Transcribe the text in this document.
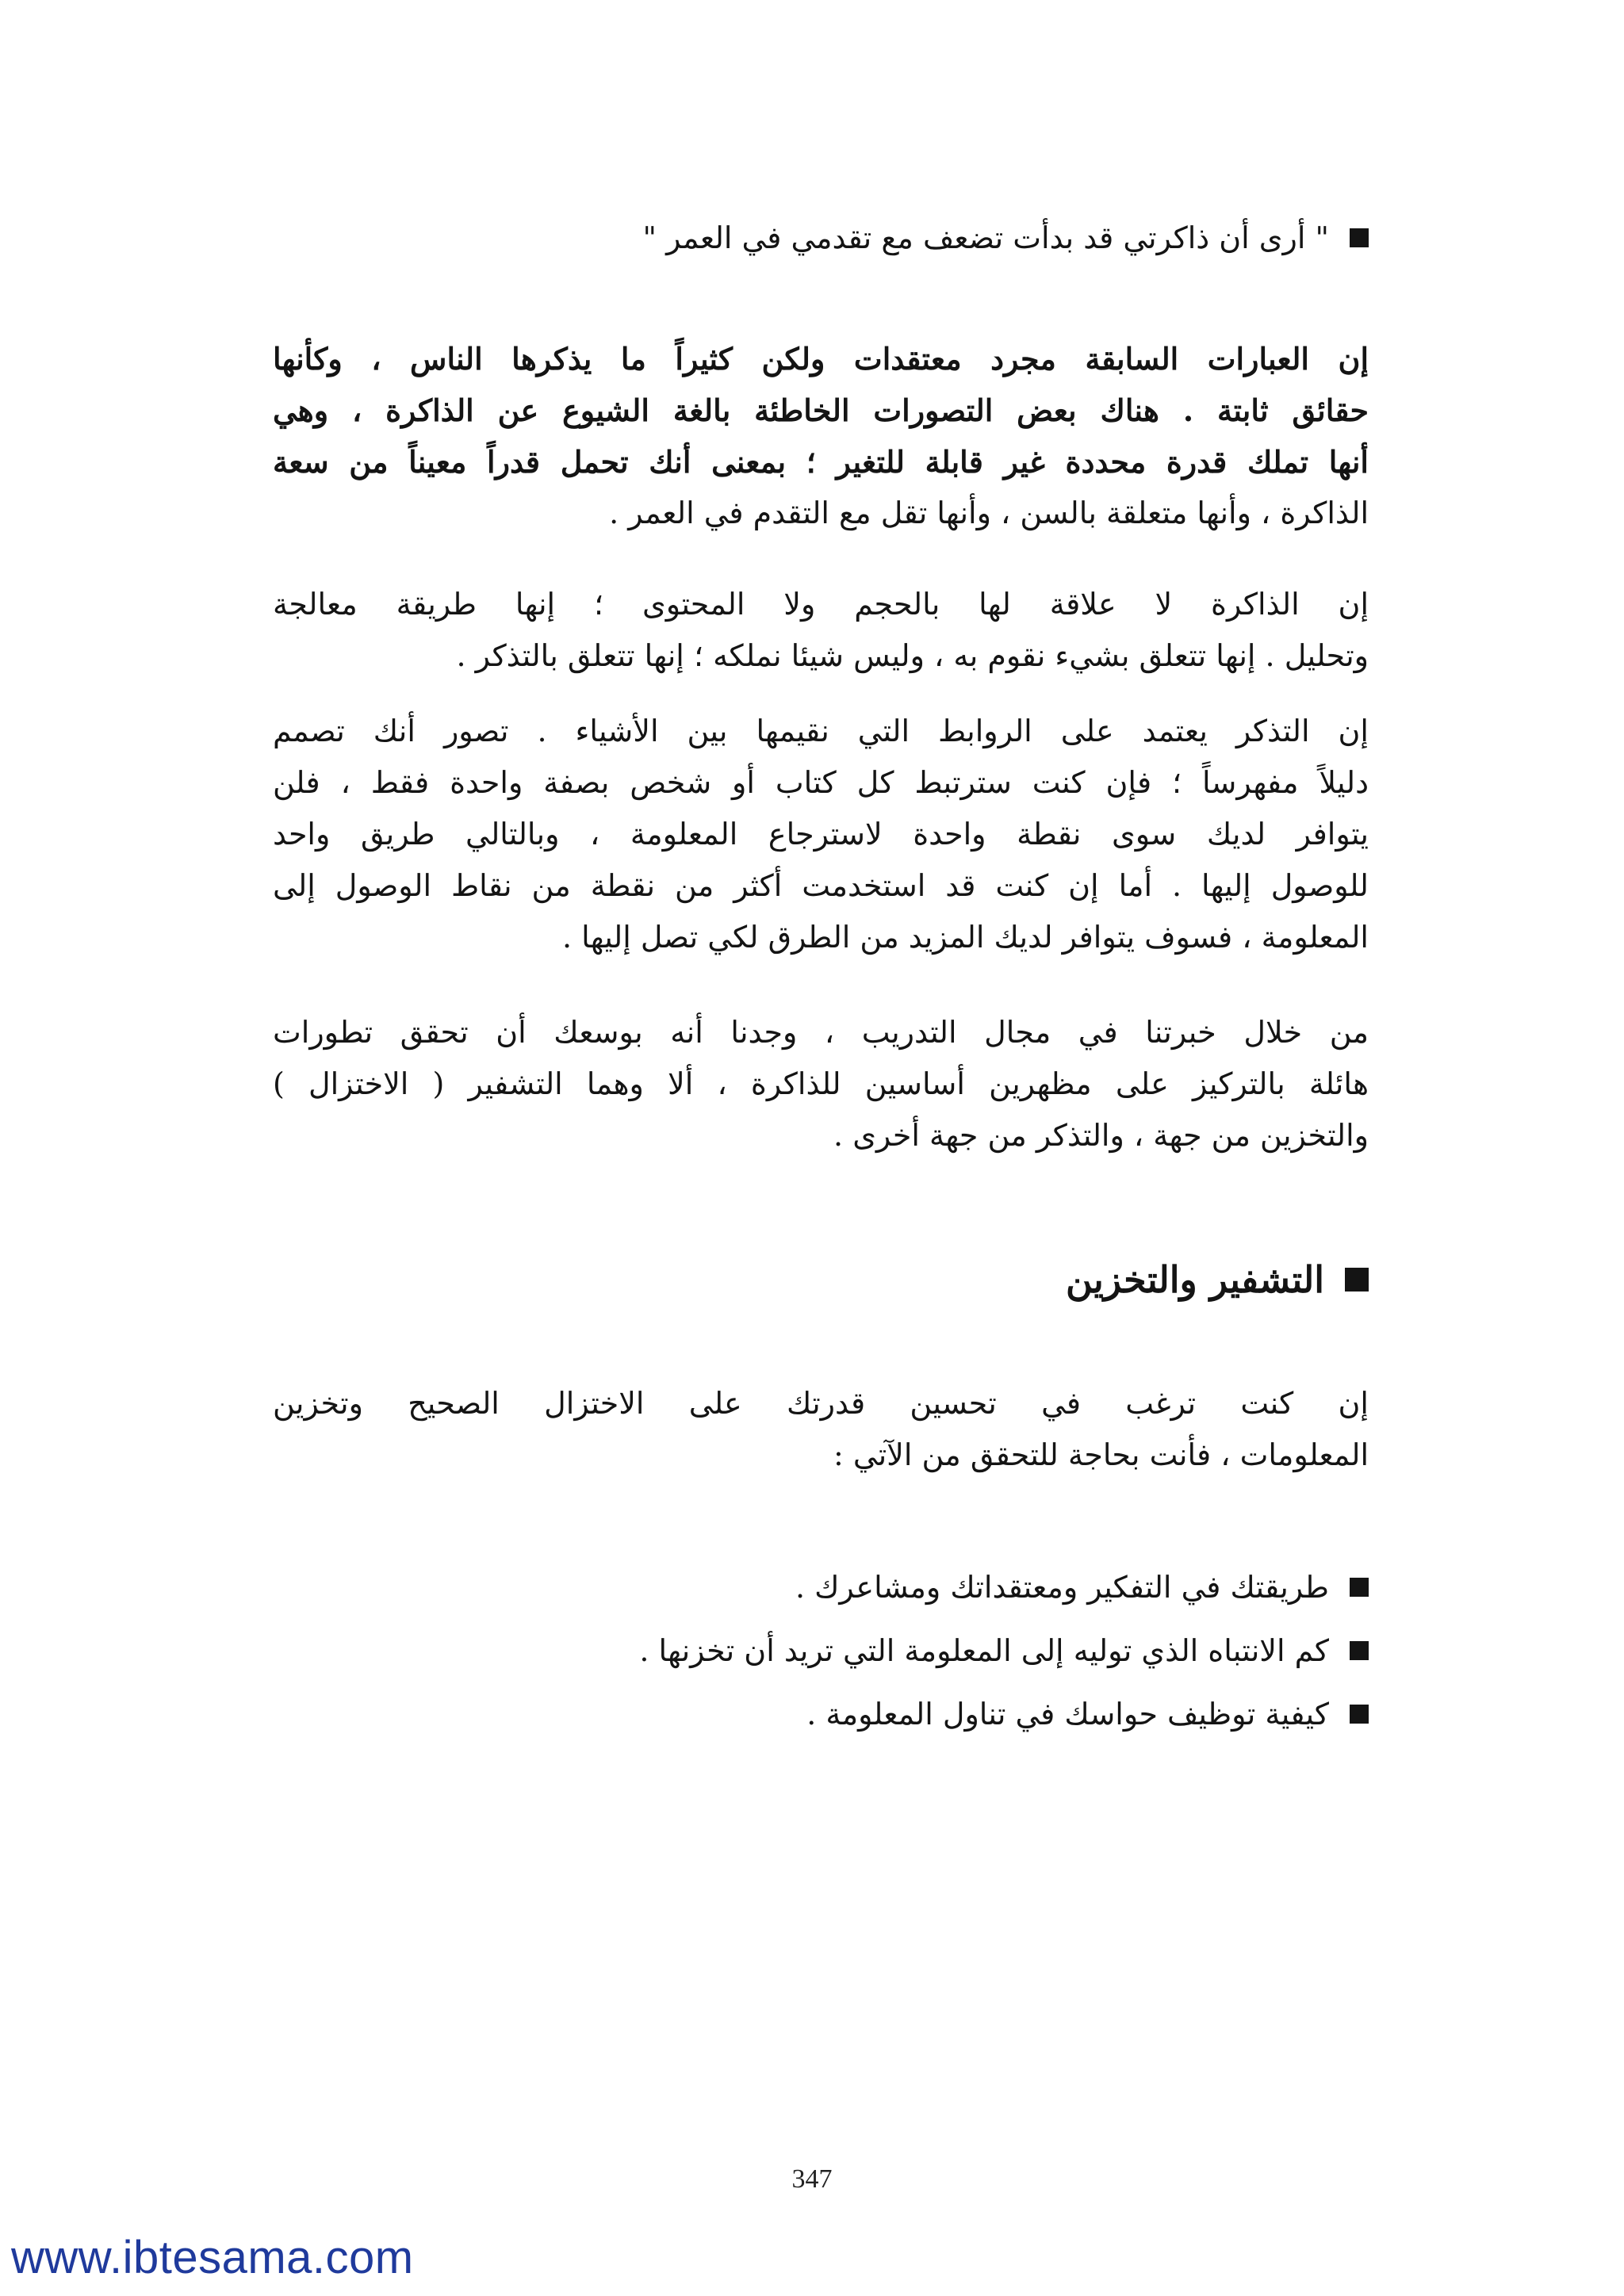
" أرى أن ذاكرتي قد بدأت تضعف مع تقدمي في العمر "
إن العبارات السابقة مجرد معتقدات ولكن كثيراً ما يذكرها الناس ، وكأنها
حقائق ثابتة . هناك بعض التصورات الخاطئة بالغة الشيوع عن الذاكرة ، وهي
أنها تملك قدرة محددة غير قابلة للتغير ؛ بمعنى أنك تحمل قدراً معيناً من سعة
الذاكرة ، وأنها متعلقة بالسن ، وأنها تقل مع التقدم في العمر .
إن الذاكرة لا علاقة لها بالحجم ولا المحتوى ؛ إنها طريقة معالجة
وتحليل . إنها تتعلق بشيء نقوم به ، وليس شيئا نملكه ؛ إنها تتعلق بالتذكر .
إن التذكر يعتمد على الروابط التي نقيمها بين الأشياء . تصور أنك تصمم
دليلاً مفهرساً ؛ فإن كنت سترتبط كل كتاب أو شخص بصفة واحدة فقط ، فلن
يتوافر لديك سوى نقطة واحدة لاسترجاع المعلومة ، وبالتالي طريق واحد
للوصول إليها . أما إن كنت قد استخدمت أكثر من نقطة من نقاط الوصول إلى
المعلومة ، فسوف يتوافر لديك المزيد من الطرق لكي تصل إليها .
من خلال خبرتنا في مجال التدريب ، وجدنا أنه بوسعك أن تحقق تطورات
هائلة بالتركيز على مظهرين أساسين للذاكرة ، ألا وهما التشفير ( الاختزال )
والتخزين من جهة ، والتذكر من جهة أخرى .
التشفير والتخزين
إن كنت ترغب في تحسين قدرتك على الاختزال الصحيح وتخزين
المعلومات ، فأنت بحاجة للتحقق من الآتي :
طريقتك في التفكير ومعتقداتك ومشاعرك .
كم الانتباه الذي توليه إلى المعلومة التي تريد أن تخزنها .
كيفية توظيف حواسك في تناول المعلومة .
347
www.ibtesama.com
